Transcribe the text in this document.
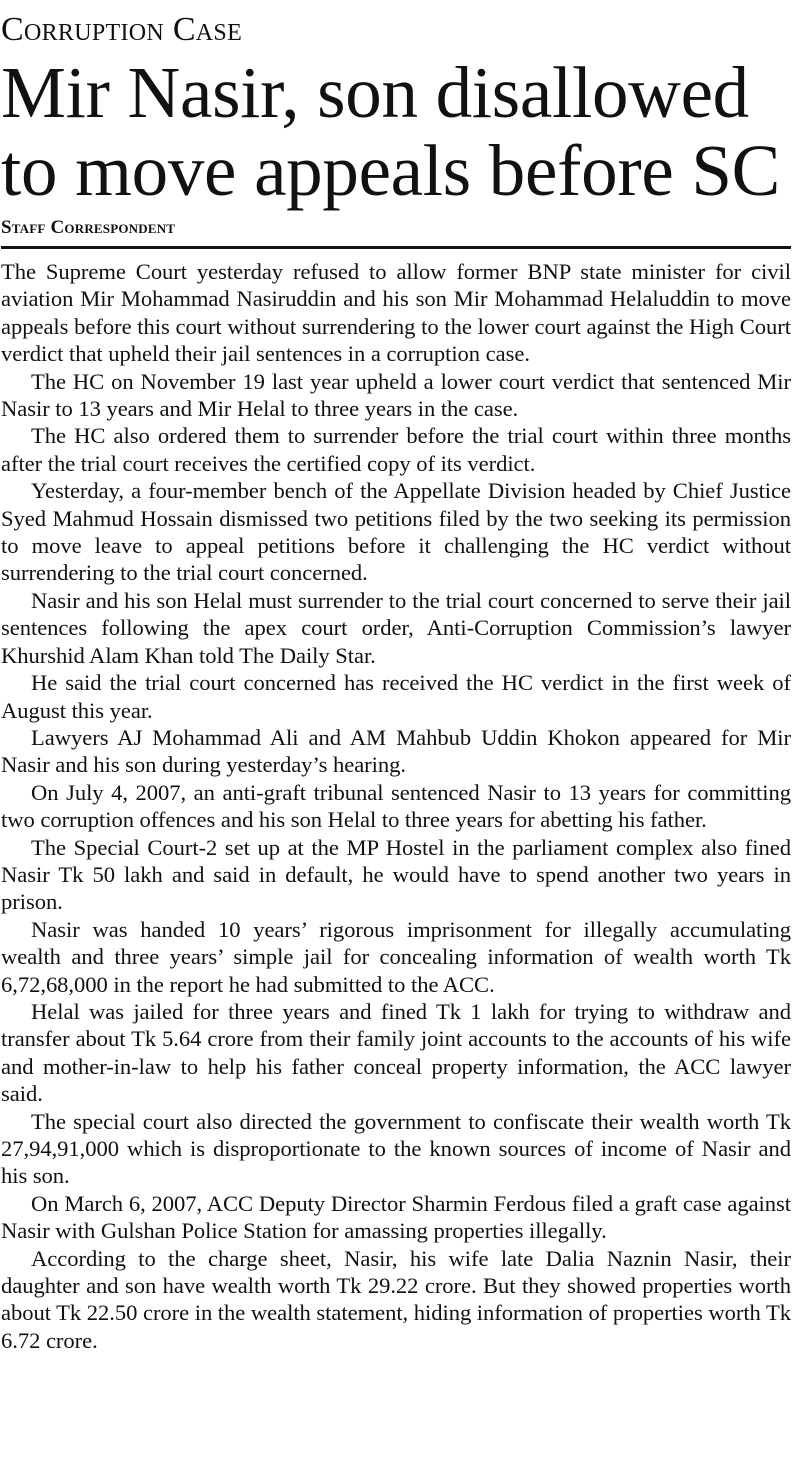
Corruption Case
Mir Nasir, son disallowed to move appeals before SC
Staff Correspondent

The Supreme Court yesterday refused to allow former BNP state minister for civil aviation Mir Mohammad Nasiruddin and his son Mir Mohammad Helaluddin to move appeals before this court without surrendering to the lower court against the High Court verdict that upheld their jail sentences in a corruption case.

The HC on November 19 last year upheld a lower court verdict that sentenced Mir Nasir to 13 years and Mir Helal to three years in the case.

The HC also ordered them to surrender before the trial court within three months after the trial court receives the certified copy of its verdict.

Yesterday, a four-member bench of the Appellate Division headed by Chief Justice Syed Mahmud Hossain dismissed two petitions filed by the two seeking its permission to move leave to appeal petitions before it challenging the HC verdict without surrendering to the trial court concerned.

Nasir and his son Helal must surrender to the trial court concerned to serve their jail sentences following the apex court order, Anti-Corruption Commission’s lawyer Khurshid Alam Khan told The Daily Star.

He said the trial court concerned has received the HC verdict in the first week of August this year.

Lawyers AJ Mohammad Ali and AM Mahbub Uddin Khokon appeared for Mir Nasir and his son during yesterday’s hearing.

On July 4, 2007, an anti-graft tribunal sentenced Nasir to 13 years for committing two corruption offences and his son Helal to three years for abetting his father.

The Special Court-2 set up at the MP Hostel in the parliament complex also fined Nasir Tk 50 lakh and said in default, he would have to spend another two years in prison.

Nasir was handed 10 years’ rigorous imprisonment for illegally accumulating wealth and three years’ simple jail for concealing information of wealth worth Tk 6,72,68,000 in the report he had submitted to the ACC.

Helal was jailed for three years and fined Tk 1 lakh for trying to withdraw and transfer about Tk 5.64 crore from their family joint accounts to the accounts of his wife and mother-in-law to help his father conceal property information, the ACC lawyer said.

The special court also directed the government to confiscate their wealth worth Tk 27,94,91,000 which is disproportionate to the known sources of income of Nasir and his son.

On March 6, 2007, ACC Deputy Director Sharmin Ferdous filed a graft case against Nasir with Gulshan Police Station for amassing properties illegally.

According to the charge sheet, Nasir, his wife late Dalia Naznin Nasir, their daughter and son have wealth worth Tk 29.22 crore. But they showed properties worth about Tk 22.50 crore in the wealth statement, hiding information of properties worth Tk 6.72 crore.
